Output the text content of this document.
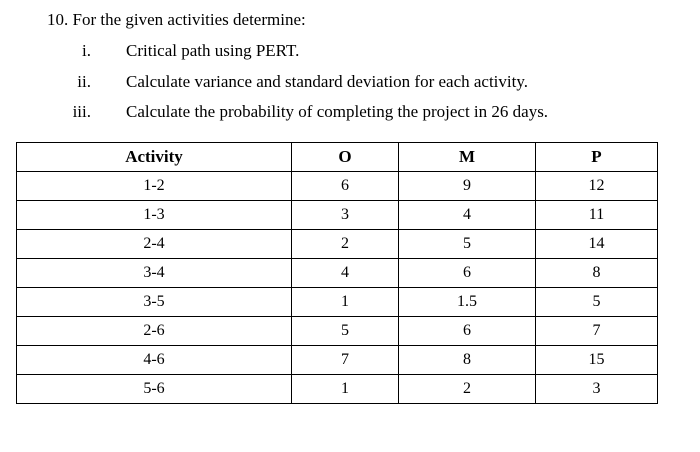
10. For the given activities determine:
i. Critical path using PERT.
ii. Calculate variance and standard deviation for each activity.
iii. Calculate the probability of completing the project in 26 days.
Activity	O	M	P
1-2	6	9	12
1-3	3	4	11
2-4	2	5	14
3-4	4	6	8
3-5	1	1.5	5
2-6	5	6	7
4-6	7	8	15
5-6	1	2	3
